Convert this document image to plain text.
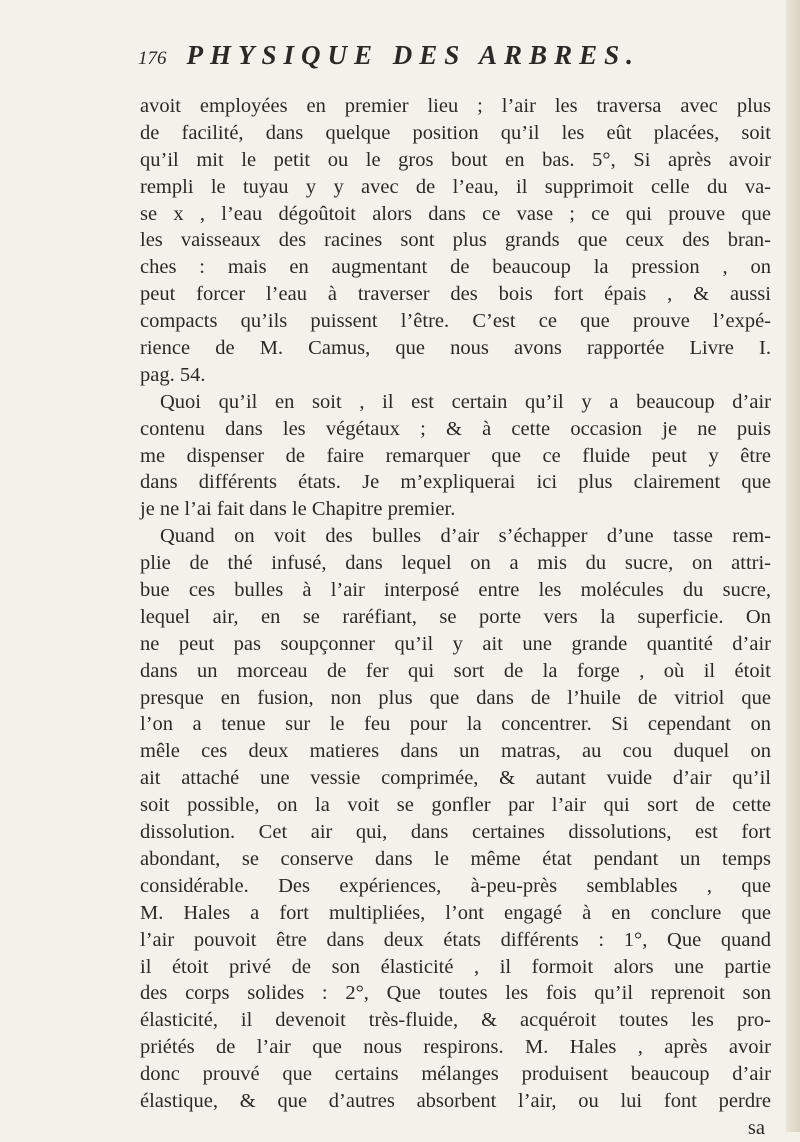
176 PHYSIQUE DES ARBRES.
avoit employées en premier lieu ; l’air les traversa avec plus
de facilité, dans quelque position qu’il les eût placées, soit
qu’il mit le petit ou le gros bout en bas. 5°, Si après avoir
rempli le tuyau y y avec de l’eau, il supprimoit celle du va-
se x , l’eau dégoûtoit alors dans ce vase ; ce qui prouve que
les vaisseaux des racines sont plus grands que ceux des bran-
ches : mais en augmentant de beaucoup la pression , on
peut forcer l’eau à traverser des bois fort épais , & aussi
compacts qu’ils puissent l’être. C’est ce que prouve l’expé-
rience de M. Camus, que nous avons rapportée Livre I.
pag. 54.
Quoi qu’il en soit , il est certain qu’il y a beaucoup d’air
contenu dans les végétaux ; & à cette occasion je ne puis
me dispenser de faire remarquer que ce fluide peut y être
dans différents états. Je m’expliquerai ici plus clairement que
je ne l’ai fait dans le Chapitre premier.
Quand on voit des bulles d’air s’échapper d’une tasse rem-
plie de thé infusé, dans lequel on a mis du sucre, on attri-
bue ces bulles à l’air interposé entre les molécules du sucre,
lequel air, en se raréfiant, se porte vers la superficie. On
ne peut pas soupçonner qu’il y ait une grande quantité d’air
dans un morceau de fer qui sort de la forge , où il étoit
presque en fusion, non plus que dans de l’huile de vitriol que
l’on a tenue sur le feu pour la concentrer. Si cependant on
mêle ces deux matieres dans un matras, au cou duquel on
ait attaché une vessie comprimée, & autant vuide d’air qu’il
soit possible, on la voit se gonfler par l’air qui sort de cette
dissolution. Cet air qui, dans certaines dissolutions, est fort
abondant, se conserve dans le même état pendant un temps
considérable. Des expériences, à-peu-près semblables , que
M. Hales a fort multipliées, l’ont engagé à en conclure que
l’air pouvoit être dans deux états différents : 1°, Que quand
il étoit privé de son élasticité , il formoit alors une partie
des corps solides : 2°, Que toutes les fois qu’il reprenoit son
élasticité, il devenoit très-fluide, & acquéroit toutes les pro-
priétés de l’air que nous respirons. M. Hales , après avoir
donc prouvé que certains mélanges produisent beaucoup d’air
élastique, & que d’autres absorbent l’air, ou lui font perdre
sa
